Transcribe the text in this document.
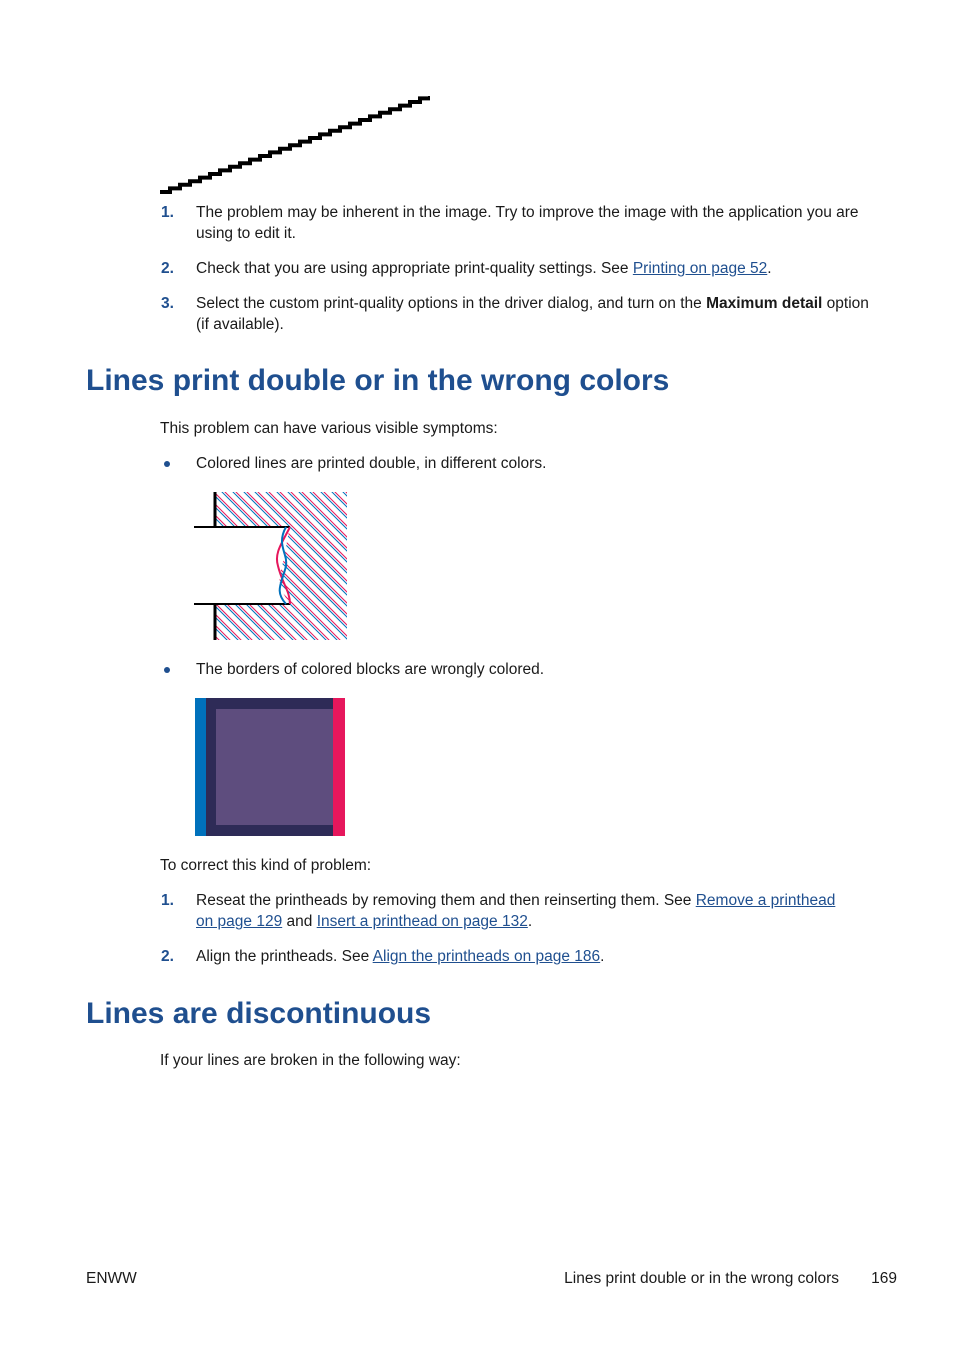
1.	The problem may be inherent in the image. Try to improve the image with the application you are using to edit it.

2.	Check that you are using appropriate print-quality settings. See Printing on page 52.

3.	Select the custom print-quality options in the driver dialog, and turn on the Maximum detail option (if available).

Lines print double or in the wrong colors

This problem can have various visible symptoms:

Colored lines are printed double, in different colors.

The borders of colored blocks are wrongly colored.

To correct this kind of problem:

1.	Reseat the printheads by removing them and then reinserting them. See Remove a printhead
on page 129 and Insert a printhead on page 132.

2.	Align the printheads. See Align the printheads on page 186.

Lines are discontinuous

If your lines are broken in the following way:

ENWW	Lines print double or in the wrong colors 169
